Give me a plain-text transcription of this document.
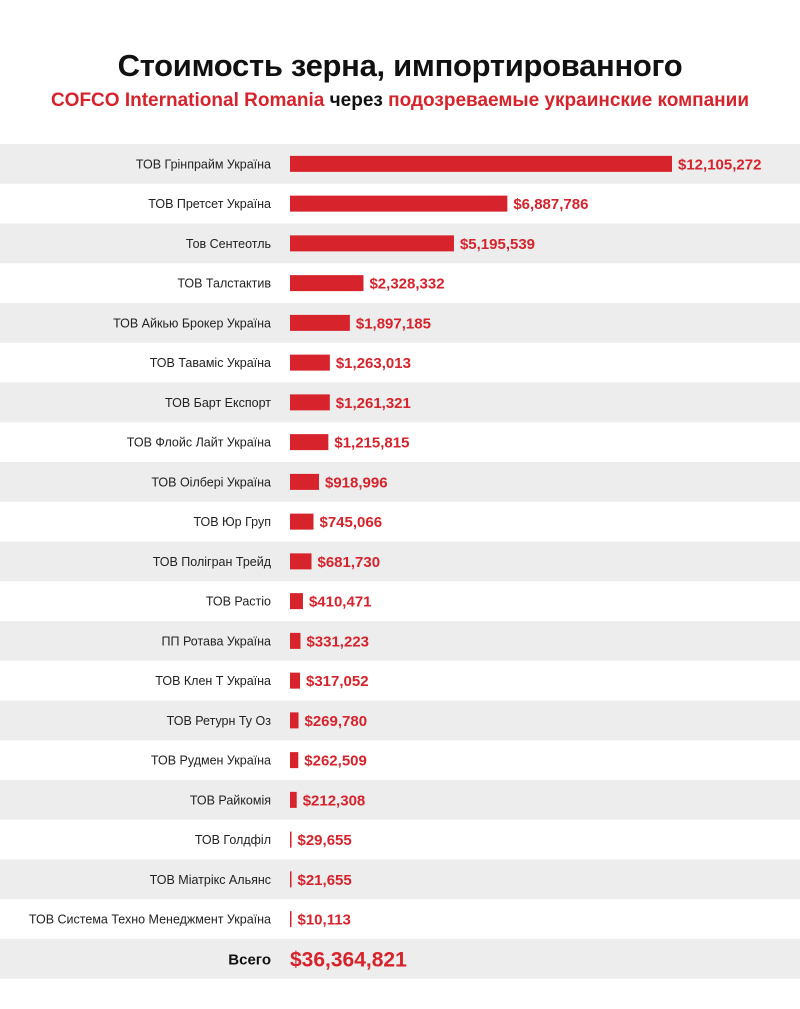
Стоимость зерна, импортированного
COFCO International Romania через подозреваемые украинские компании
ТОВ Грінпрайм Україна	$12,105,272
ТОВ Претсет Україна	$6,887,786
Тов Сентеотль	$5,195,539
ТОВ Талстактив	$2,328,332
ТОВ Айкью Брокер Україна	$1,897,185
ТОВ Таваміс Україна	$1,263,013
ТОВ Барт Експорт	$1,261,321
ТОВ Флойс Лайт Україна	$1,215,815
ТОВ Оілбері Україна	$918,996
ТОВ Юр Груп	$745,066
ТОВ Полігран Трейд	$681,730
ТОВ Растіо	$410,471
ПП Ротава Україна $331,223
ТОВ Клен Т Україна $317,052
ТОВ Ретурн Ту Оз $269,780
ТОВ Рудмен Україна $262,509
ТОВ Райкомія $212,308
ТОВ Голдфіл $29,655
ТОВ Міатрікс Альянс $21,655
ТОВ Система Техно Менеджмент Україна $10,113
Всего $36,364,821
